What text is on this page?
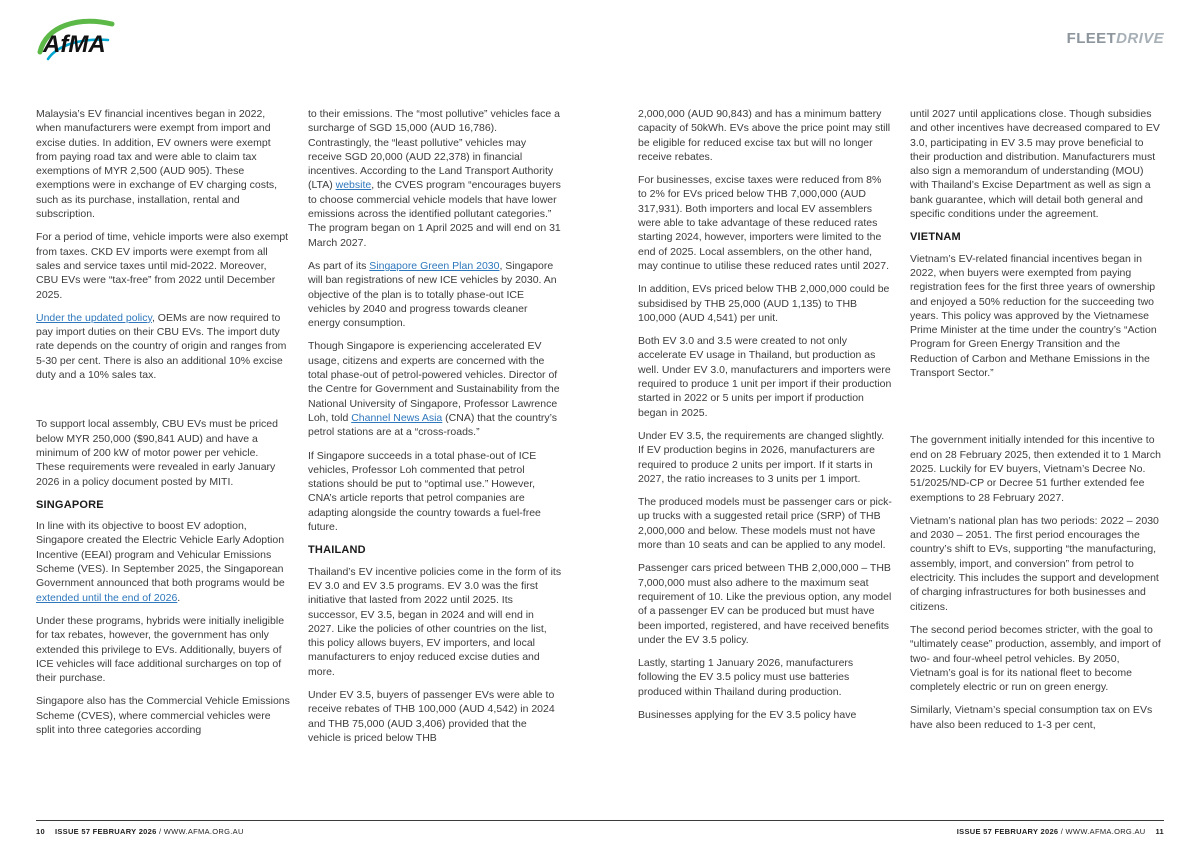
AfMA	FLEETDRIVE

Malaysia’s EV financial incentives began in 2022, when manufacturers were exempt from import and excise duties. In addition, EV owners were exempt from paying road tax and were able to claim tax exemptions of MYR 2,500 (AUD 905). These exemptions were in exchange of EV charging costs, such as its purchase, installation, rental and subscription.

For a period of time, vehicle imports were also exempt from taxes. CKD EV imports were exempt from all sales and service taxes until mid-2022. Moreover, CBU EVs were “tax-free” from 2022 until December 2025.

Under the updated policy, OEMs are now required to pay import duties on their CBU EVs. The import duty rate depends on the country of origin and ranges from 5-30 per cent. There is also an additional 10% excise duty and a 10% sales tax.

To support local assembly, CBU EVs must be priced below MYR 250,000 ($90,841 AUD) and have a minimum of 200 kW of motor power per vehicle. These requirements were revealed in early January 2026 in a policy document posted by MITI.

SINGAPORE

In line with its objective to boost EV adoption, Singapore created the Electric Vehicle Early Adoption Incentive (EEAI) program and Vehicular Emissions Scheme (VES). In September 2025, the Singaporean Government announced that both programs would be extended until the end of 2026.

Under these programs, hybrids were initially ineligible for tax rebates, however, the government has only extended this privilege to EVs. Additionally, buyers of ICE vehicles will face additional surcharges on top of their purchase.

Singapore also has the Commercial Vehicle Emissions Scheme (CVES), where commercial vehicles were split into three categories according

to their emissions. The “most pollutive” vehicles face a surcharge of SGD 15,000 (AUD 16,786). Contrastingly, the “least pollutive” vehicles may receive SGD 20,000 (AUD 22,378) in financial incentives. According to the Land Transport Authority (LTA) website, the CVES program “encourages buyers to choose commercial vehicle models that have lower emissions across the identified pollutant categories.” The program began on 1 April 2025 and will end on 31 March 2027.

As part of its Singapore Green Plan 2030, Singapore will ban registrations of new ICE vehicles by 2030. An objective of the plan is to totally phase-out ICE vehicles by 2040 and progress towards cleaner energy consumption.

Though Singapore is experiencing accelerated EV usage, citizens and experts are concerned with the total phase-out of petrol-powered vehicles. Director of the Centre for Government and Sustainability from the National University of Singapore, Professor Lawrence Loh, told Channel News Asia (CNA) that the country’s petrol stations are at a “cross-roads.”

If Singapore succeeds in a total phase-out of ICE vehicles, Professor Loh commented that petrol stations should be put to “optimal use.” However, CNA’s article reports that petrol companies are adapting alongside the country towards a fuel-free future.

THAILAND

Thailand’s EV incentive policies come in the form of its EV 3.0 and EV 3.5 programs. EV 3.0 was the first initiative that lasted from 2022 until 2025. Its successor, EV 3.5, began in 2024 and will end in 2027. Like the policies of other countries on the list, this policy allows buyers, EV importers, and local manufacturers to enjoy reduced excise duties and more.

Under EV 3.5, buyers of passenger EVs were able to receive rebates of THB 100,000 (AUD 4,542) in 2024 and THB 75,000 (AUD 3,406) provided that the vehicle is priced below THB

2,000,000 (AUD 90,843) and has a minimum battery capacity of 50kWh. EVs above the price point may still be eligible for reduced excise tax but will no longer receive rebates.

For businesses, excise taxes were reduced from 8% to 2% for EVs priced below THB 7,000,000 (AUD 317,931). Both importers and local EV assemblers were able to take advantage of these reduced rates starting 2024, however, importers were limited to the end of 2025. Local assemblers, on the other hand, may continue to utilise these reduced rates until 2027.

In addition, EVs priced below THB 2,000,000 could be subsidised by THB 25,000 (AUD 1,135) to THB 100,000 (AUD 4,541) per unit.

Both EV 3.0 and 3.5 were created to not only accelerate EV usage in Thailand, but production as well. Under EV 3.0, manufacturers and importers were required to produce 1 unit per import if their production started in 2022 or 5 units per import if production began in 2025.

Under EV 3.5, the requirements are changed slightly. If EV production begins in 2026, manufacturers are required to produce 2 units per import. If it starts in 2027, the ratio increases to 3 units per 1 import.

The produced models must be passenger cars or pick-up trucks with a suggested retail price (SRP) of THB 2,000,000 and below. These models must not have more than 10 seats and can be applied to any model.

Passenger cars priced between THB 2,000,000 – THB 7,000,000 must also adhere to the maximum seat requirement of 10. Like the previous option, any model of a passenger EV can be produced but must have been imported, registered, and have received benefits under the EV 3.5 policy.

Lastly, starting 1 January 2026, manufacturers following the EV 3.5 policy must use batteries produced within Thailand during production.

Businesses applying for the EV 3.5 policy have

until 2027 until applications close. Though subsidies and other incentives have decreased compared to EV 3.0, participating in EV 3.5 may prove beneficial to their production and distribution. Manufacturers must also sign a memorandum of understanding (MOU) with Thailand’s Excise Department as well as sign a bank guarantee, which will detail both general and specific conditions under the agreement.

VIETNAM

Vietnam’s EV-related financial incentives began in 2022, when buyers were exempted from paying registration fees for the first three years of ownership and enjoyed a 50% reduction for the succeeding two years. This policy was approved by the Vietnamese Prime Minister at the time under the country’s “Action Program for Green Energy Transition and the Reduction of Carbon and Methane Emissions in the Transport Sector.”

The government initially intended for this incentive to end on 28 February 2025, then extended it to 1 March 2025. Luckily for EV buyers, Vietnam’s Decree No. 51/2025/ND-CP or Decree 51 further extended fee exemptions to 28 February 2027.

Vietnam’s national plan has two periods: 2022 – 2030 and 2030 – 2051. The first period encourages the country’s shift to EVs, supporting “the manufacturing, assembly, import, and conversion” from petrol to electricity. This includes the support and development of charging infrastructures for both businesses and citizens.

The second period becomes stricter, with the goal to “ultimately cease” production, assembly, and import of two- and four-wheel petrol vehicles. By 2050, Vietnam’s goal is for its national fleet to become completely electric or run on green energy.

Similarly, Vietnam’s special consumption tax on EVs have also been reduced to 1-3 per cent,

10 ISSUE 57 FEBRUARY 2026 / WWW.AFMA.ORG.AU	ISSUE 57 FEBRUARY 2026 / WWW.AFMA.ORG.AU 11
